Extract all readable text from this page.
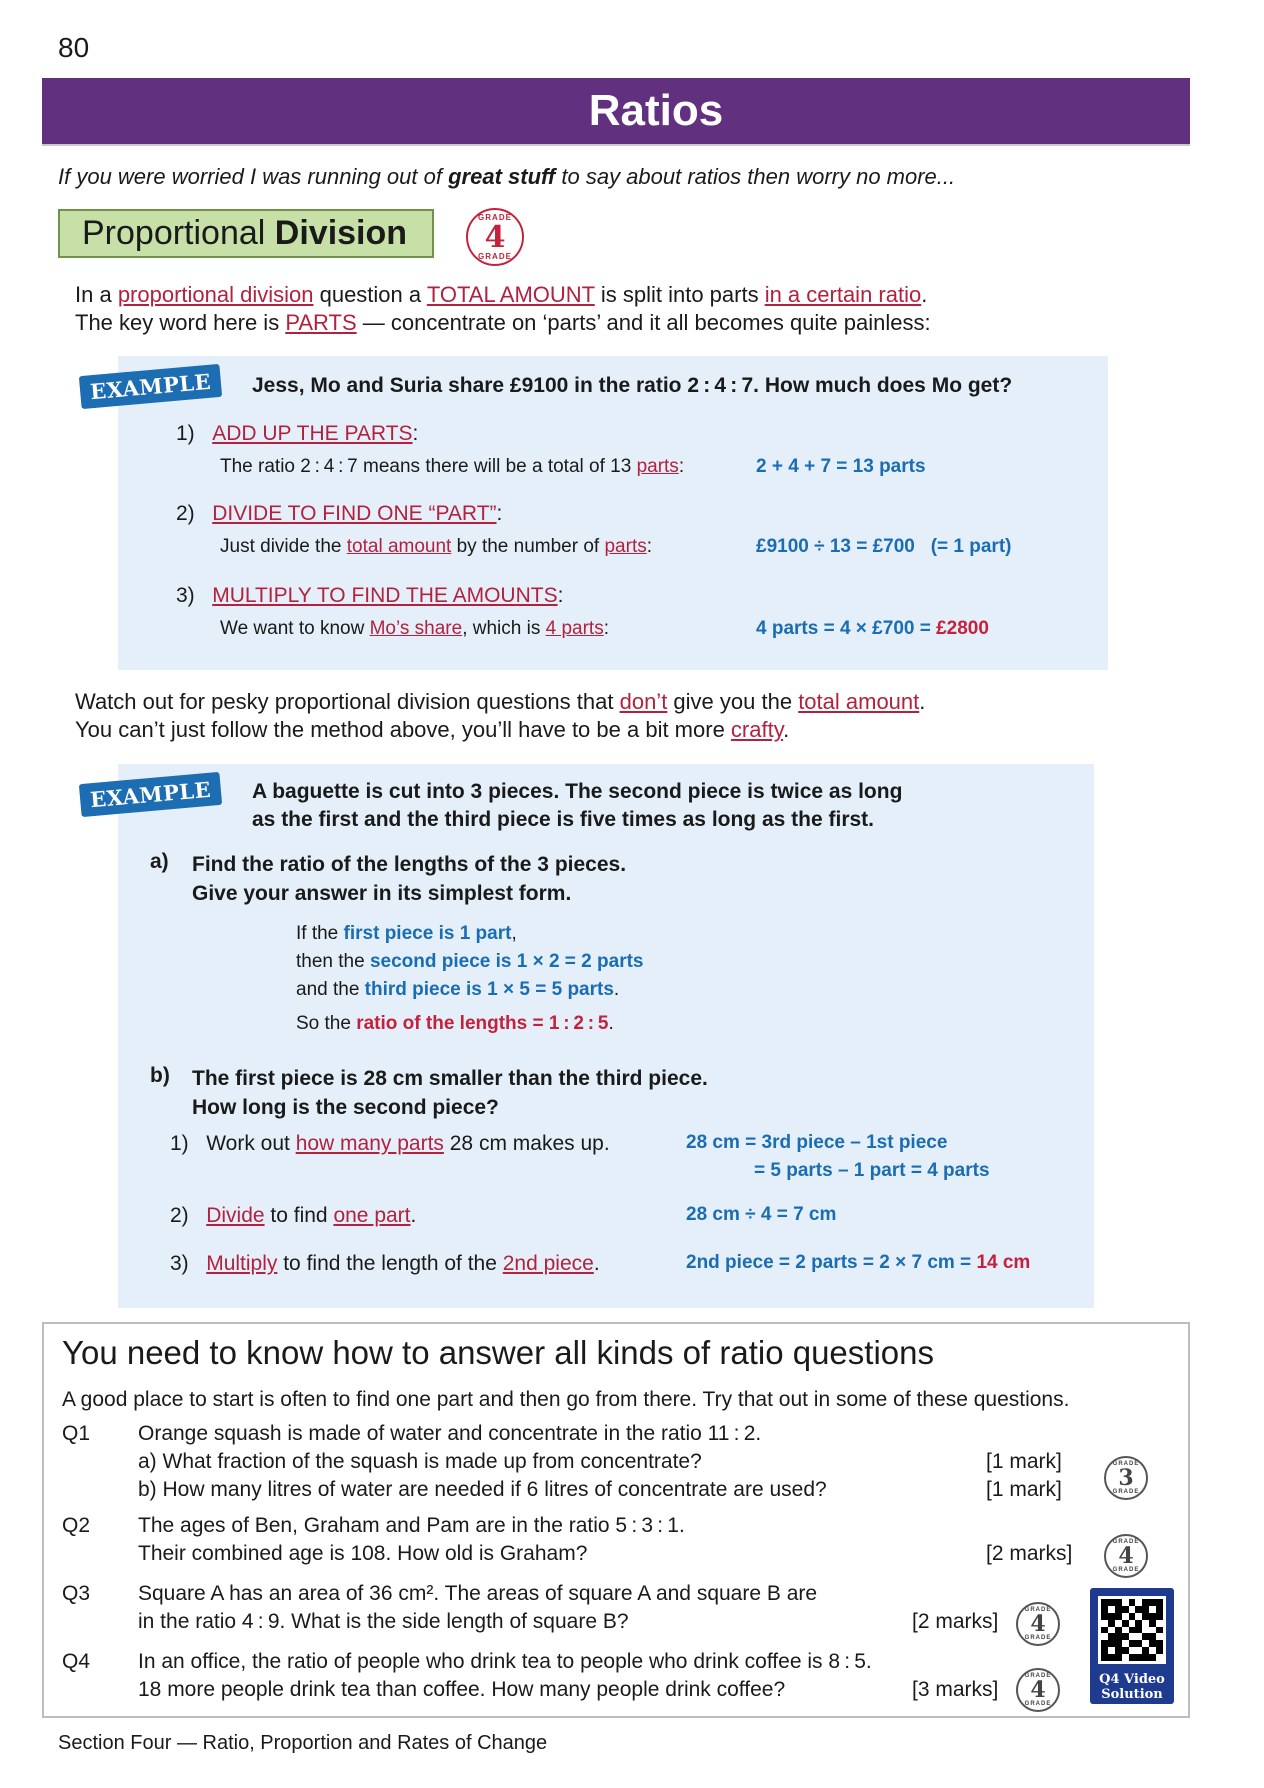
80
Ratios
If you were worried I was running out of great stuff to say about ratios then worry no more...
Proportional Division	GRADE
4
GRADE
In a proportional division question a TOTAL AMOUNT is split into parts in a certain ratio.
The key word here is PARTS — concentrate on ‘parts’ and it all becomes quite painless:
EXAMPLE	Jess, Mo and Suria share £9100 in the ratio 2 : 4 : 7. How much does Mo get?
1) ADD UP THE PARTS:
The ratio 2 : 4 : 7 means there will be a total of 13 parts:	2 + 4 + 7 = 13 parts
2) DIVIDE TO FIND ONE “PART”:
Just divide the total amount by the number of parts:	£9100 ÷ 13 = £700   (= 1 part)
3) MULTIPLY TO FIND THE AMOUNTS:
We want to know Mo’s share, which is 4 parts:	4 parts = 4 × £700 = £2800
Watch out for pesky proportional division questions that don’t give you the total amount.
You can’t just follow the method above, you’ll have to be a bit more crafty.
EXAMPLE	A baguette is cut into 3 pieces. The second piece is twice as long
as the first and the third piece is five times as long as the first.
a) Find the ratio of the lengths of the 3 pieces.
Give your answer in its simplest form.
If the first piece is 1 part,
then the second piece is 1 × 2 = 2 parts
and the third piece is 1 × 5 = 5 parts.
So the ratio of the lengths = 1 : 2 : 5.
b) The first piece is 28 cm smaller than the third piece.
How long is the second piece?
1) Work out how many parts 28 cm makes up.	28 cm = 3rd piece – 1st piece
= 5 parts – 1 part = 4 parts
2) Divide to find one part.	28 cm ÷ 4 = 7 cm
3) Multiply to find the length of the 2nd piece.	2nd piece = 2 parts = 2 × 7 cm = 14 cm
You need to know how to answer all kinds of ratio questions
A good place to start is often to find one part and then go from there. Try that out in some of these questions.
Q1 Orange squash is made of water and concentrate in the ratio 11 : 2.
a) What fraction of the squash is made up from concentrate?
b) How many litres of water are needed if 6 litres of concentrate are used?
[1 mark]
[1 mark]
GRADE
3
GRADE
Q2 The ages of Ben, Graham and Pam are in the ratio 5 : 3 : 1.
Their combined age is 108. How old is Graham?	[2 marks]	GRADE
4
GRADE
Q3 Square A has an area of 36 cm². The areas of square A and square B are
in the ratio 4 : 9. What is the side length of square B?	[2 marks]	GRADE
4
GRADE
Q4 In an office, the ratio of people who drink tea to people who drink coffee is 8 : 5.
18 more people drink tea than coffee. How many people drink coffee?	[3 marks]
GRADE
4
GRADE
Q4 Video
Solution
Section Four — Ratio, Proportion and Rates of Change
